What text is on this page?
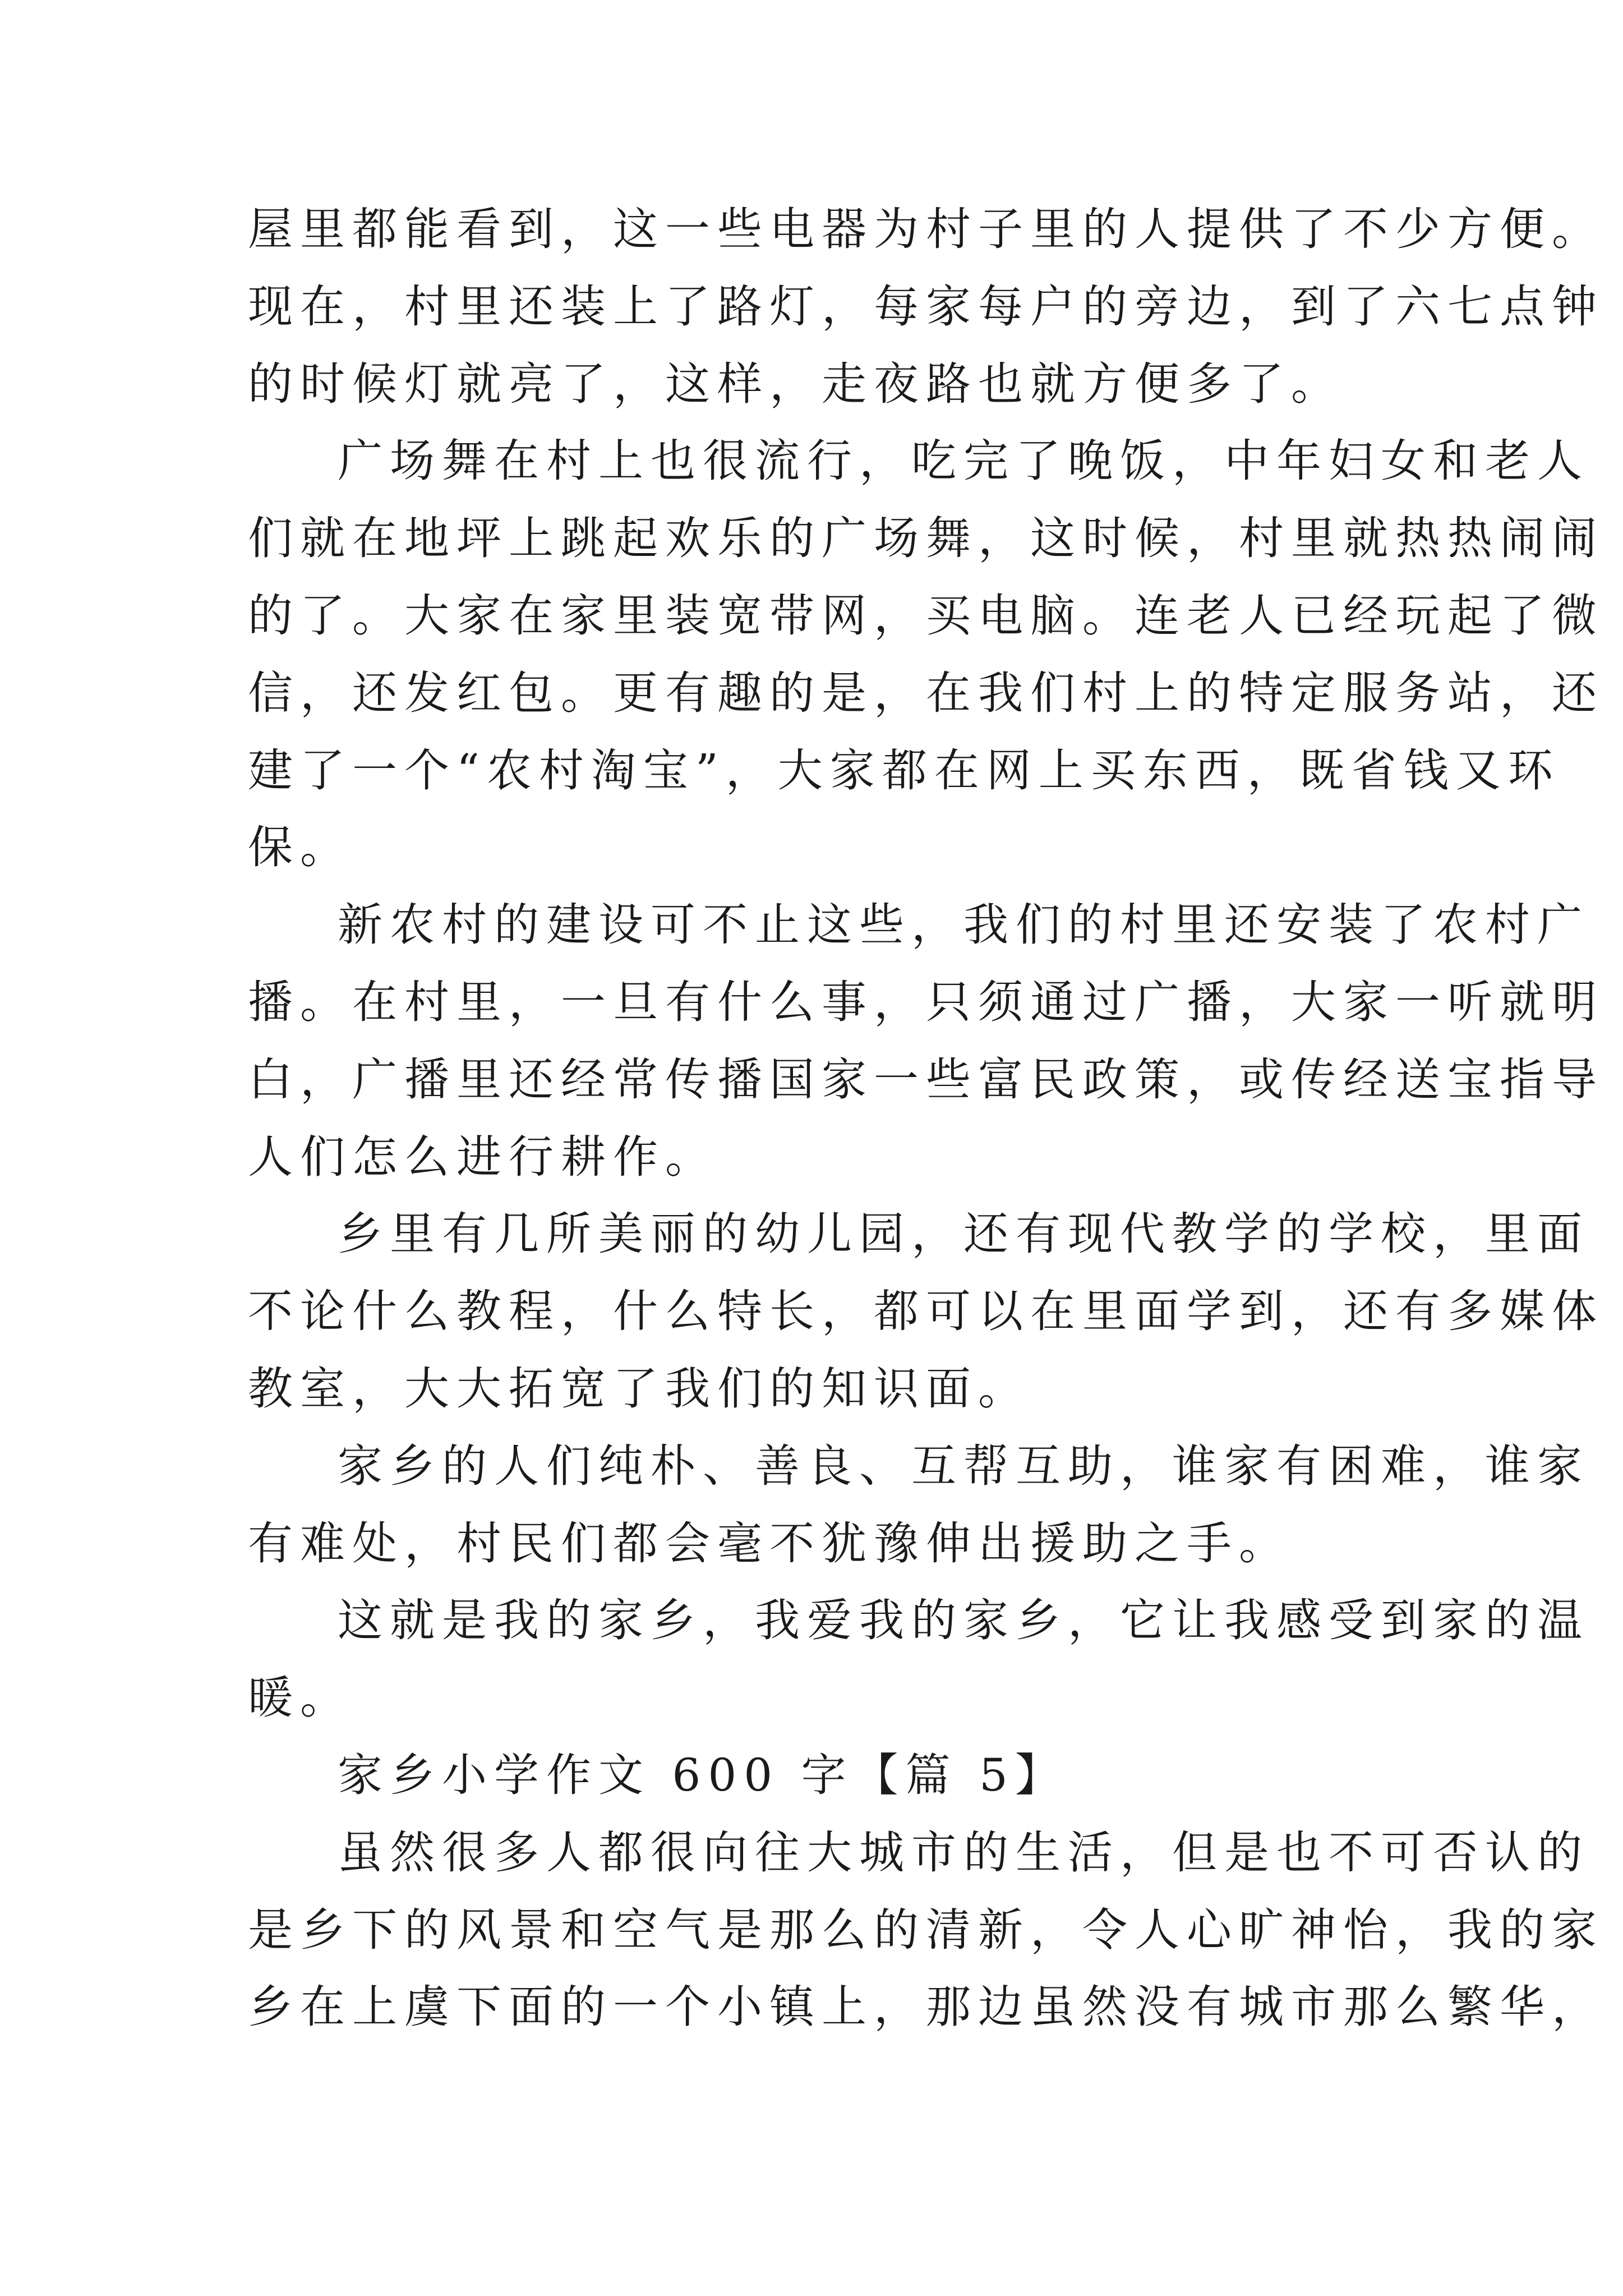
屋里都能看到，这一些电器为村子里的人提供了不少方便。
现在，村里还装上了路灯，每家每户的旁边，到了六七点钟
的时候灯就亮了，这样，走夜路也就方便多了。
广场舞在村上也很流行，吃完了晚饭，中年妇女和老人
们就在地坪上跳起欢乐的广场舞，这时候，村里就热热闹闹
的了。大家在家里装宽带网，买电脑。连老人已经玩起了微
信，还发红包。更有趣的是，在我们村上的特定服务站，还
建了一个“农村淘宝”，大家都在网上买东西，既省钱又环
保。
新农村的建设可不止这些，我们的村里还安装了农村广
播。在村里，一旦有什么事，只须通过广播，大家一听就明
白，广播里还经常传播国家一些富民政策，或传经送宝指导
人们怎么进行耕作。
乡里有几所美丽的幼儿园，还有现代教学的学校，里面
不论什么教程，什么特长，都可以在里面学到，还有多媒体
教室，大大拓宽了我们的知识面。
家乡的人们纯朴、善良、互帮互助，谁家有困难，谁家
有难处，村民们都会毫不犹豫伸出援助之手。
这就是我的家乡，我爱我的家乡，它让我感受到家的温
暖。
家乡小学作文 600 字【篇 5】
虽然很多人都很向往大城市的生活，但是也不可否认的
是乡下的风景和空气是那么的清新，令人心旷神怡，我的家
乡在上虞下面的一个小镇上，那边虽然没有城市那么繁华，
